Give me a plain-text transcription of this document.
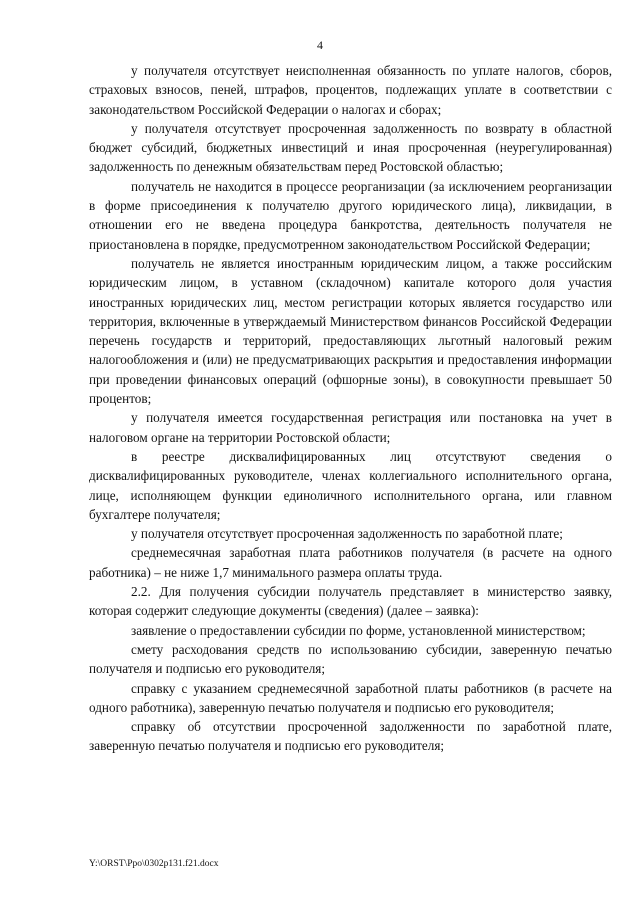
4

у получателя отсутствует неисполненная обязанность по уплате налогов, сборов, страховых взносов, пеней, штрафов, процентов, подлежащих уплате в соответствии с законодательством Российской Федерации о налогах и сборах;

у получателя отсутствует просроченная задолженность по возврату в областной бюджет субсидий, бюджетных инвестиций и иная просроченная (неурегулированная) задолженность по денежным обязательствам перед Ростовской областью;

получатель не находится в процессе реорганизации (за исключением реорганизации в форме присоединения к получателю другого юридического лица), ликвидации, в отношении его не введена процедура банкротства, деятельность получателя не приостановлена в порядке, предусмотренном законодательством Российской Федерации;

получатель не является иностранным юридическим лицом, а также российским юридическим лицом, в уставном (складочном) капитале которого доля участия иностранных юридических лиц, местом регистрации которых является государство или территория, включенные в утверждаемый Министерством финансов Российской Федерации перечень государств и территорий, предоставляющих льготный налоговый режим налогообложения и (или) не предусматривающих раскрытия и предоставления информации при проведении финансовых операций (офшорные зоны), в совокупности превышает 50 процентов;

у получателя имеется государственная регистрация или постановка на учет в налоговом органе на территории Ростовской области;

в реестре дисквалифицированных лиц отсутствуют сведения о дисквалифицированных руководителе, членах коллегиального исполнительного органа, лице, исполняющем функции единоличного исполнительного органа, или главном бухгалтере получателя;

у получателя отсутствует просроченная задолженность по заработной плате;

среднемесячная заработная плата работников получателя (в расчете на одного работника) – не ниже 1,7 минимального размера оплаты труда.

2.2. Для получения субсидии получатель представляет в министерство заявку, которая содержит следующие документы (сведения) (далее – заявка):

заявление о предоставлении субсидии по форме, установленной министерством;

смету расходования средств по использованию субсидии, заверенную печатью получателя и подписью его руководителя;

справку с указанием среднемесячной заработной платы работников (в расчете на одного работника), заверенную печатью получателя и подписью его руководителя;

справку об отсутствии просроченной задолженности по заработной плате, заверенную печатью получателя и подписью его руководителя;

Y:\ORST\Ppo\0302p131.f21.docx
